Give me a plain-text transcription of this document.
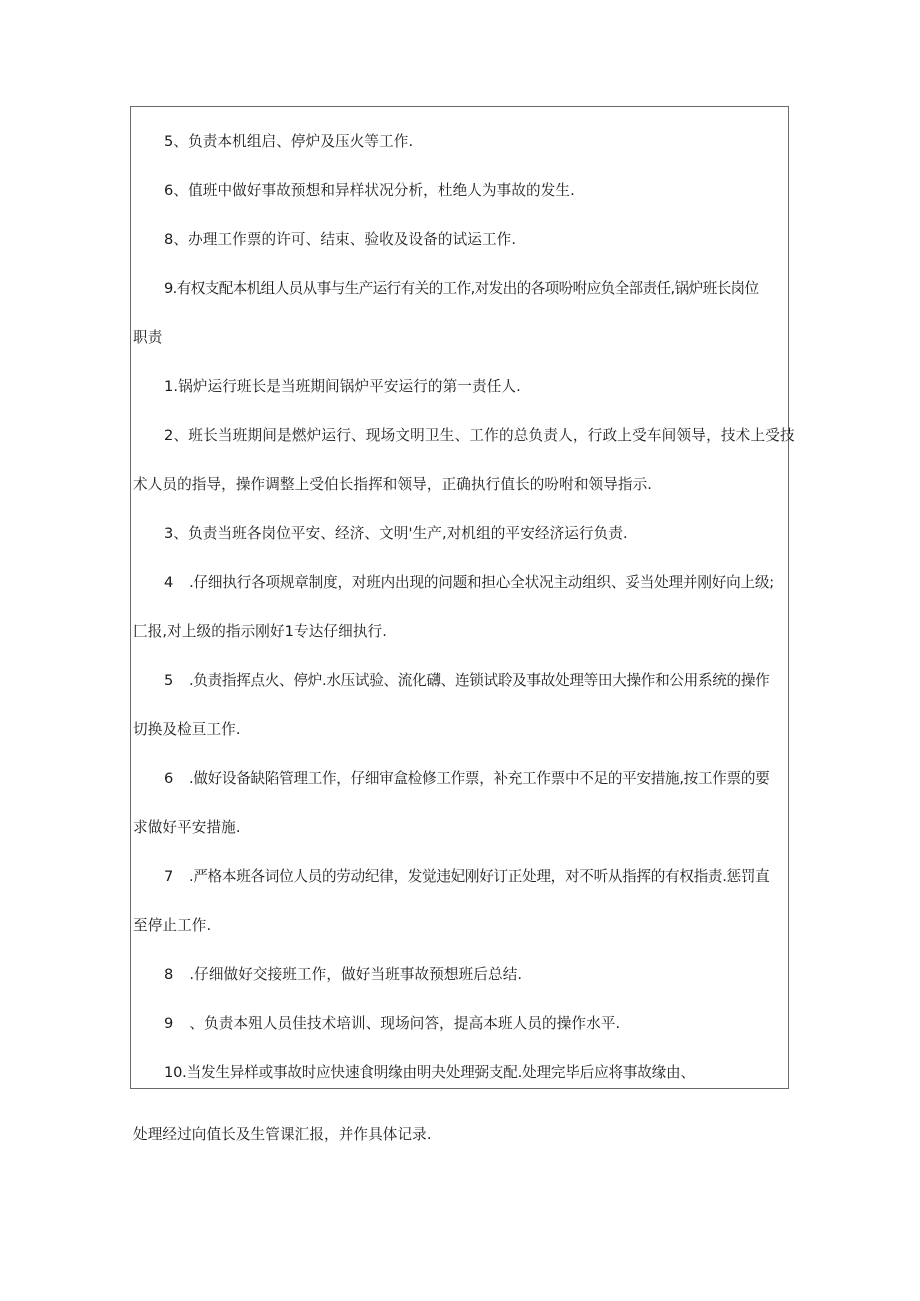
5、负责本机组启、停炉及压火等工作.
6、值班中做好事故预想和异样状况分析，杜绝人为事故的发生.
8、办理工作票的许可、结束、验收及设备的试运工作.
9.有权支配本机组人员从事与生产运行有关的工作,对发出的各项吩咐应负全部责任,锅炉班长岗位
职责
1.锅炉运行班长是当班期间锅炉平安运行的第一责任人.
2、班长当班期间是燃炉运行、现场文明卫生、工作的总负责人，行政上受车间领导，技术上受技
术人员的指导，操作调整上受伯长指挥和领导，正确执行值长的吩咐和领导指示.
3、负责当班各岗位平安、经济、文明'生产,对机组的平安经济运行负责.
4 .仔细执行各项规章制度，对班内出现的问题和担心全状况主动组织、妥当处理并刚好向上级;
匚报,对上级的指示刚好1专达仔细执行.
5 .负责指挥点火、停炉.水压试验、流化礴、连锁试聆及事故处理等田大操作和公用系统的操作
切换及检亘工作.
6 .做好设备缺陷管理工作，仔细审盒检修工作票，补充工作票中不足的平安措施,按工作票的要
求做好平安措施.
7 .严格本班各词位人员的劳动纪律，发觉违妃刚好订正处理，对不听从指挥的有权指责.惩罚直
至停止工作.
8 .仔细做好交接班工作，做好当班事故预想班后总结.
9 、负责本殂人员佳技术培训、现场问答，提高本班人员的操作水平.
10.当发生异样或事故时应快速食明缘由明夬处理弼支配.处理完毕后应将事故缘由、
处理经过向值长及生管课汇报，并作具体记录.
